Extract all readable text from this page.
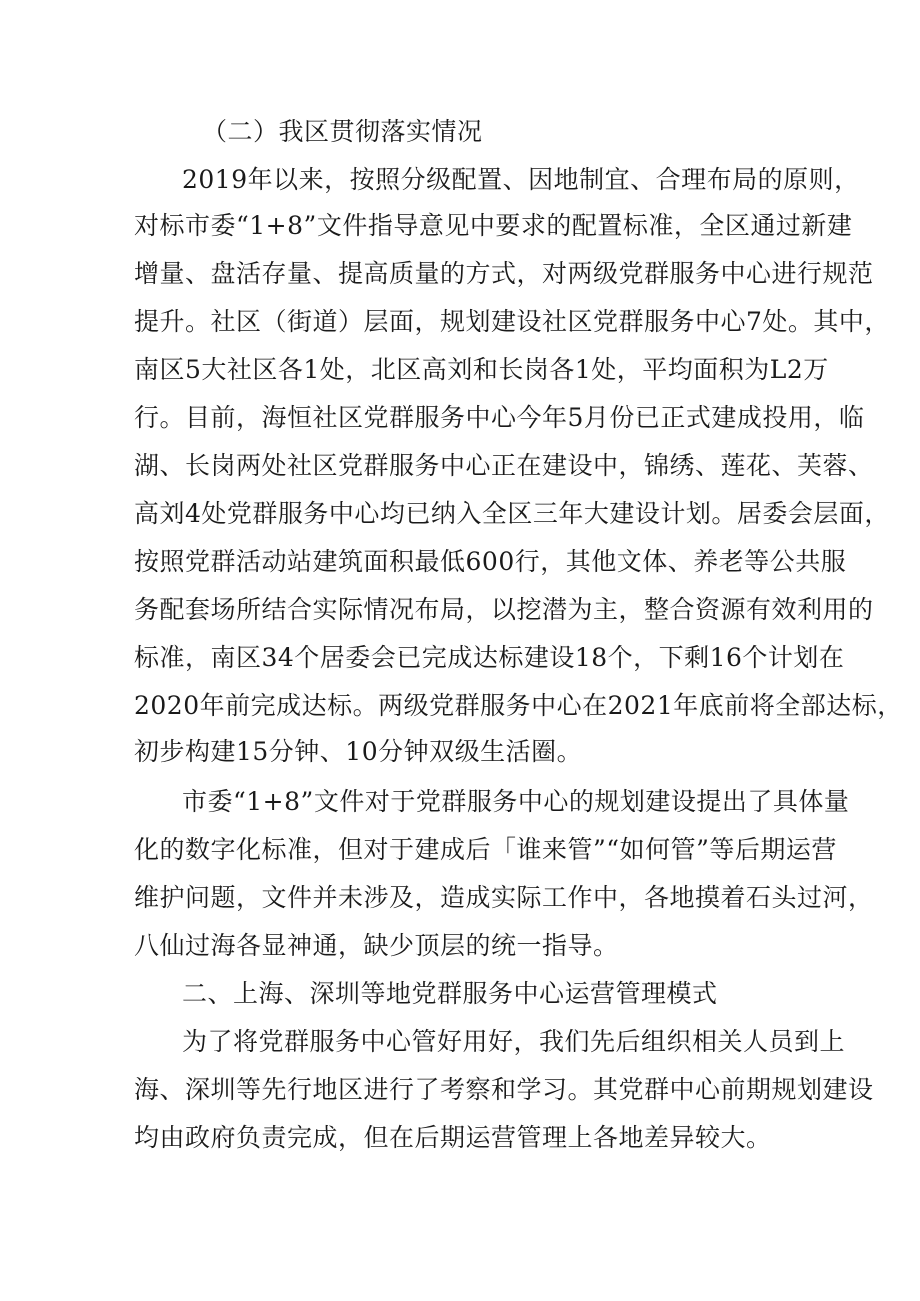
（二）我区贯彻落实情况
2019年以来，按照分级配置、因地制宜、合理布局的原则，
对标市委“1+8”文件指导意见中要求的配置标准，全区通过新建
增量、盘活存量、提高质量的方式，对两级党群服务中心进行规范
提升。社区（街道）层面，规划建设社区党群服务中心7处。其中，
南区5大社区各1处，北区高刘和长岗各1处，平均面积为L2万
行。目前，海恒社区党群服务中心今年5月份已正式建成投用，临
湖、长岗两处社区党群服务中心正在建设中，锦绣、莲花、芙蓉、
高刘4处党群服务中心均已纳入全区三年大建设计划。居委会层面，
按照党群活动站建筑面积最低600行，其他文体、养老等公共服
务配套场所结合实际情况布局，以挖潜为主，整合资源有效利用的
标准，南区34个居委会已完成达标建设18个，下剩16个计划在
2020年前完成达标。两级党群服务中心在2021年底前将全部达标，
初步构建15分钟、10分钟双级生活圈。
市委“1+8”文件对于党群服务中心的规划建设提出了具体量
化的数字化标准，但对于建成后「谁来管”“如何管”等后期运营
维护问题，文件并未涉及，造成实际工作中，各地摸着石头过河，
八仙过海各显神通，缺少顶层的统一指导。
二、上海、深圳等地党群服务中心运营管理模式
为了将党群服务中心管好用好，我们先后组织相关人员到上
海、深圳等先行地区进行了考察和学习。其党群中心前期规划建设
均由政府负责完成，但在后期运营管理上各地差异较大。
